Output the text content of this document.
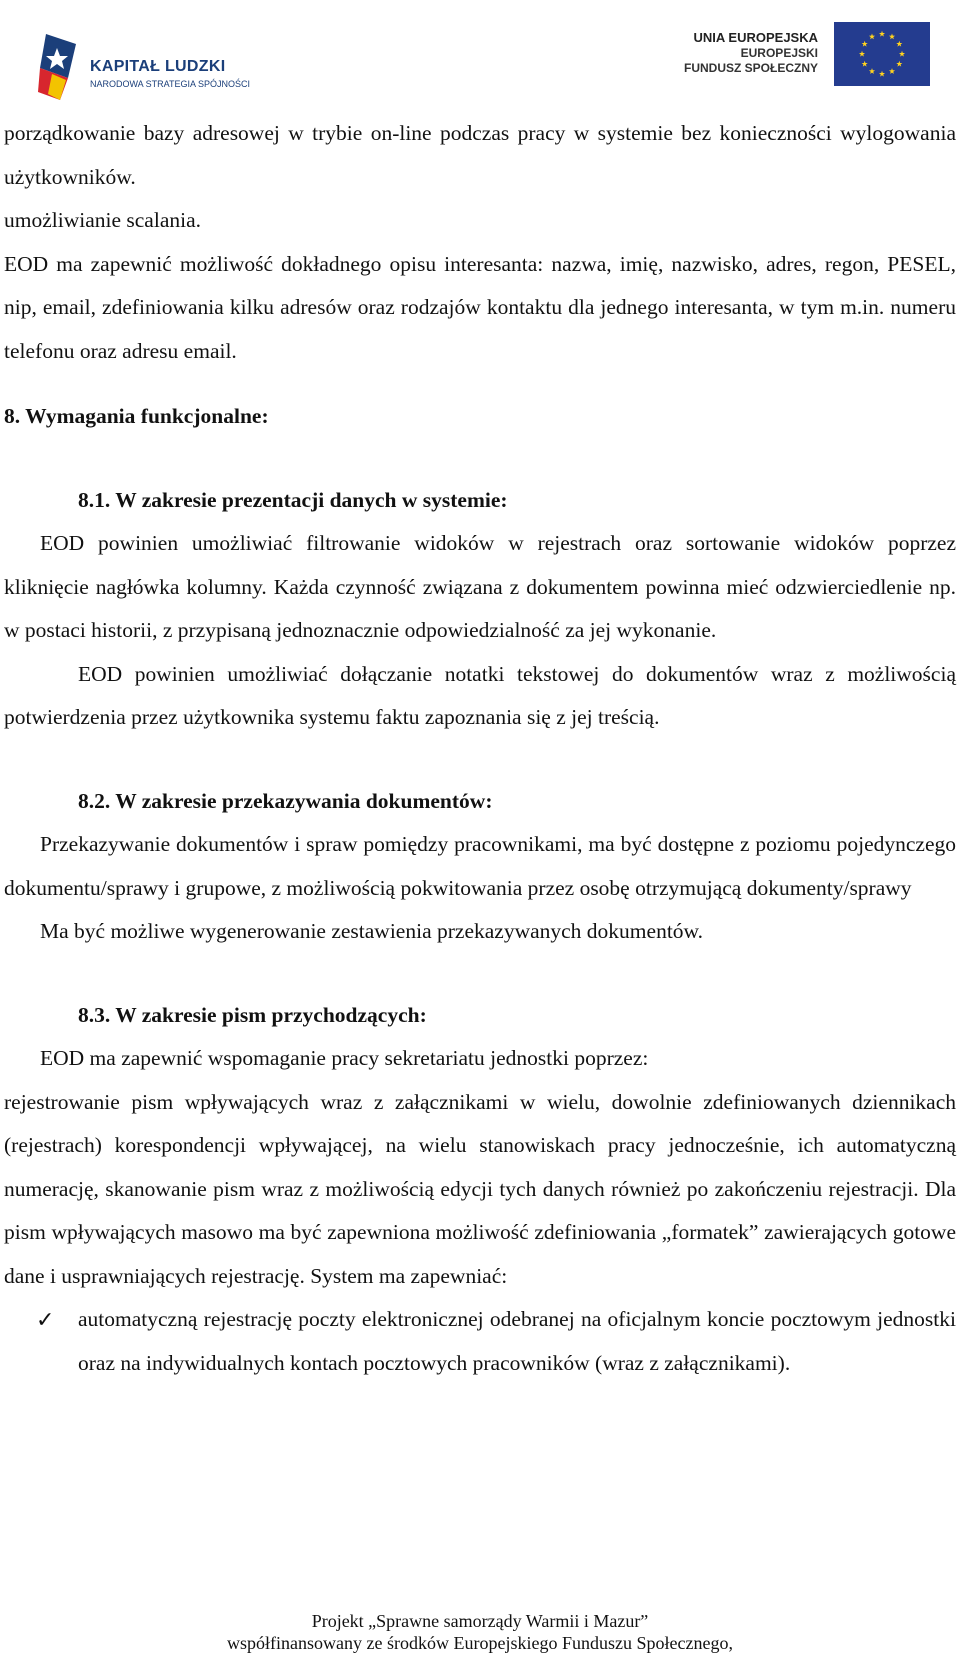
KAPITAŁ LUDZKI
NARODOWA STRATEGIA SPÓJNOŚCI
UNIA EUROPEJSKA
EUROPEJSKI
FUNDUSZ SPOŁECZNY

porządkowanie bazy adresowej w trybie on-line podczas pracy w systemie bez konieczności wylogowania użytkowników.

umożliwianie scalania.

EOD ma zapewnić możliwość dokładnego opisu interesanta: nazwa, imię, nazwisko, adres, regon, PESEL, nip, email, zdefiniowania kilku adresów oraz rodzajów kontaktu dla jednego interesanta, w tym m.in. numeru telefonu oraz adresu email.

8. Wymagania funkcjonalne:

8.1. W zakresie prezentacji danych w systemie:

EOD powinien umożliwiać filtrowanie widoków w rejestrach oraz sortowanie widoków poprzez kliknięcie nagłówka kolumny. Każda czynność związana z dokumentem powinna mieć odzwierciedlenie np. w postaci historii, z przypisaną jednoznacznie odpowiedzialność za jej wykonanie.

EOD powinien umożliwiać dołączanie notatki tekstowej do dokumentów wraz z możliwością potwierdzenia przez użytkownika systemu faktu zapoznania się z jej treścią.

8.2. W zakresie przekazywania dokumentów:

Przekazywanie dokumentów i spraw pomiędzy pracownikami, ma być dostępne z poziomu pojedynczego dokumentu/sprawy i grupowe, z możliwością pokwitowania przez osobę otrzymującą dokumenty/sprawy

Ma być możliwe wygenerowanie zestawienia przekazywanych dokumentów.

8.3. W zakresie pism przychodzących:

EOD ma zapewnić wspomaganie pracy sekretariatu jednostki poprzez:

rejestrowanie pism wpływających wraz z załącznikami w wielu, dowolnie zdefiniowanych dziennikach (rejestrach) korespondencji wpływającej, na wielu stanowiskach pracy jednocześnie, ich automatyczną numerację, skanowanie pism wraz z możliwością edycji tych danych również po zakończeniu rejestracji. Dla pism wpływających masowo ma być zapewniona możliwość zdefiniowania „formatek” zawierających gotowe dane i usprawniających rejestrację. System ma zapewniać:

✓ automatyczną rejestrację poczty elektronicznej odebranej na oficjalnym koncie pocztowym jednostki oraz na indywidualnych kontach pocztowych pracowników (wraz z załącznikami).
Projekt „Sprawne samorządy Warmii i Mazur”
współfinansowany ze środków Europejskiego Funduszu Społecznego,
